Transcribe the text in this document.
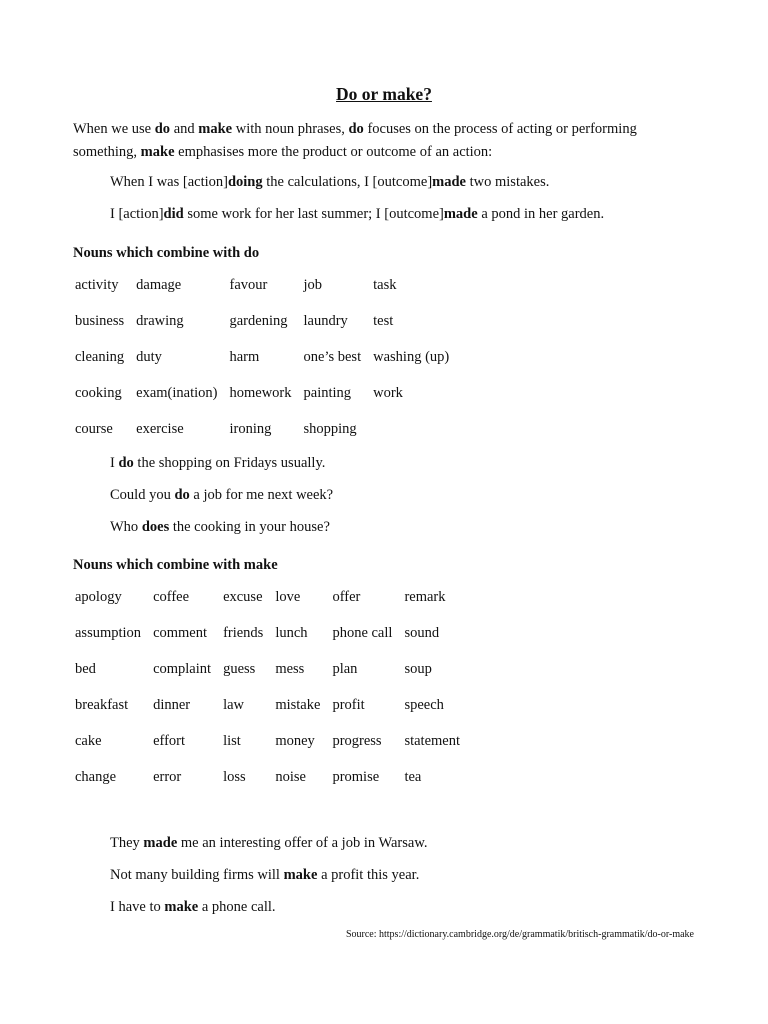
Do or make?

When we use do and make with noun phrases, do focuses on the process of acting or performing something, make emphasises more the product or outcome of an action:

When I was [action]doing the calculations, I [outcome]made two mistakes.

I [action]did some work for her last summer; I [outcome]made a pond in her garden.

Nouns which combine with do

activity	damage	favour	job	task
business	drawing	gardening	laundry	test
cleaning	duty	harm	one’s best	washing (up)
cooking	exam(ination)	homework	painting	work
course	exercise	ironing	shopping	

I do the shopping on Fridays usually.

Could you do a job for me next week?

Who does the cooking in your house?

Nouns which combine with make

apology	coffee	excuse	love	offer	remark
assumption	comment	friends	lunch	phone call	sound
bed	complaint	guess	mess	plan	soup
breakfast	dinner	law	mistake	profit	speech
cake	effort	list	money	progress	statement
change	error	loss	noise	promise	tea

They made me an interesting offer of a job in Warsaw.

Not many building firms will make a profit this year.

I have to make a phone call.

Source: https://dictionary.cambridge.org/de/grammatik/britisch-grammatik/do-or-make
